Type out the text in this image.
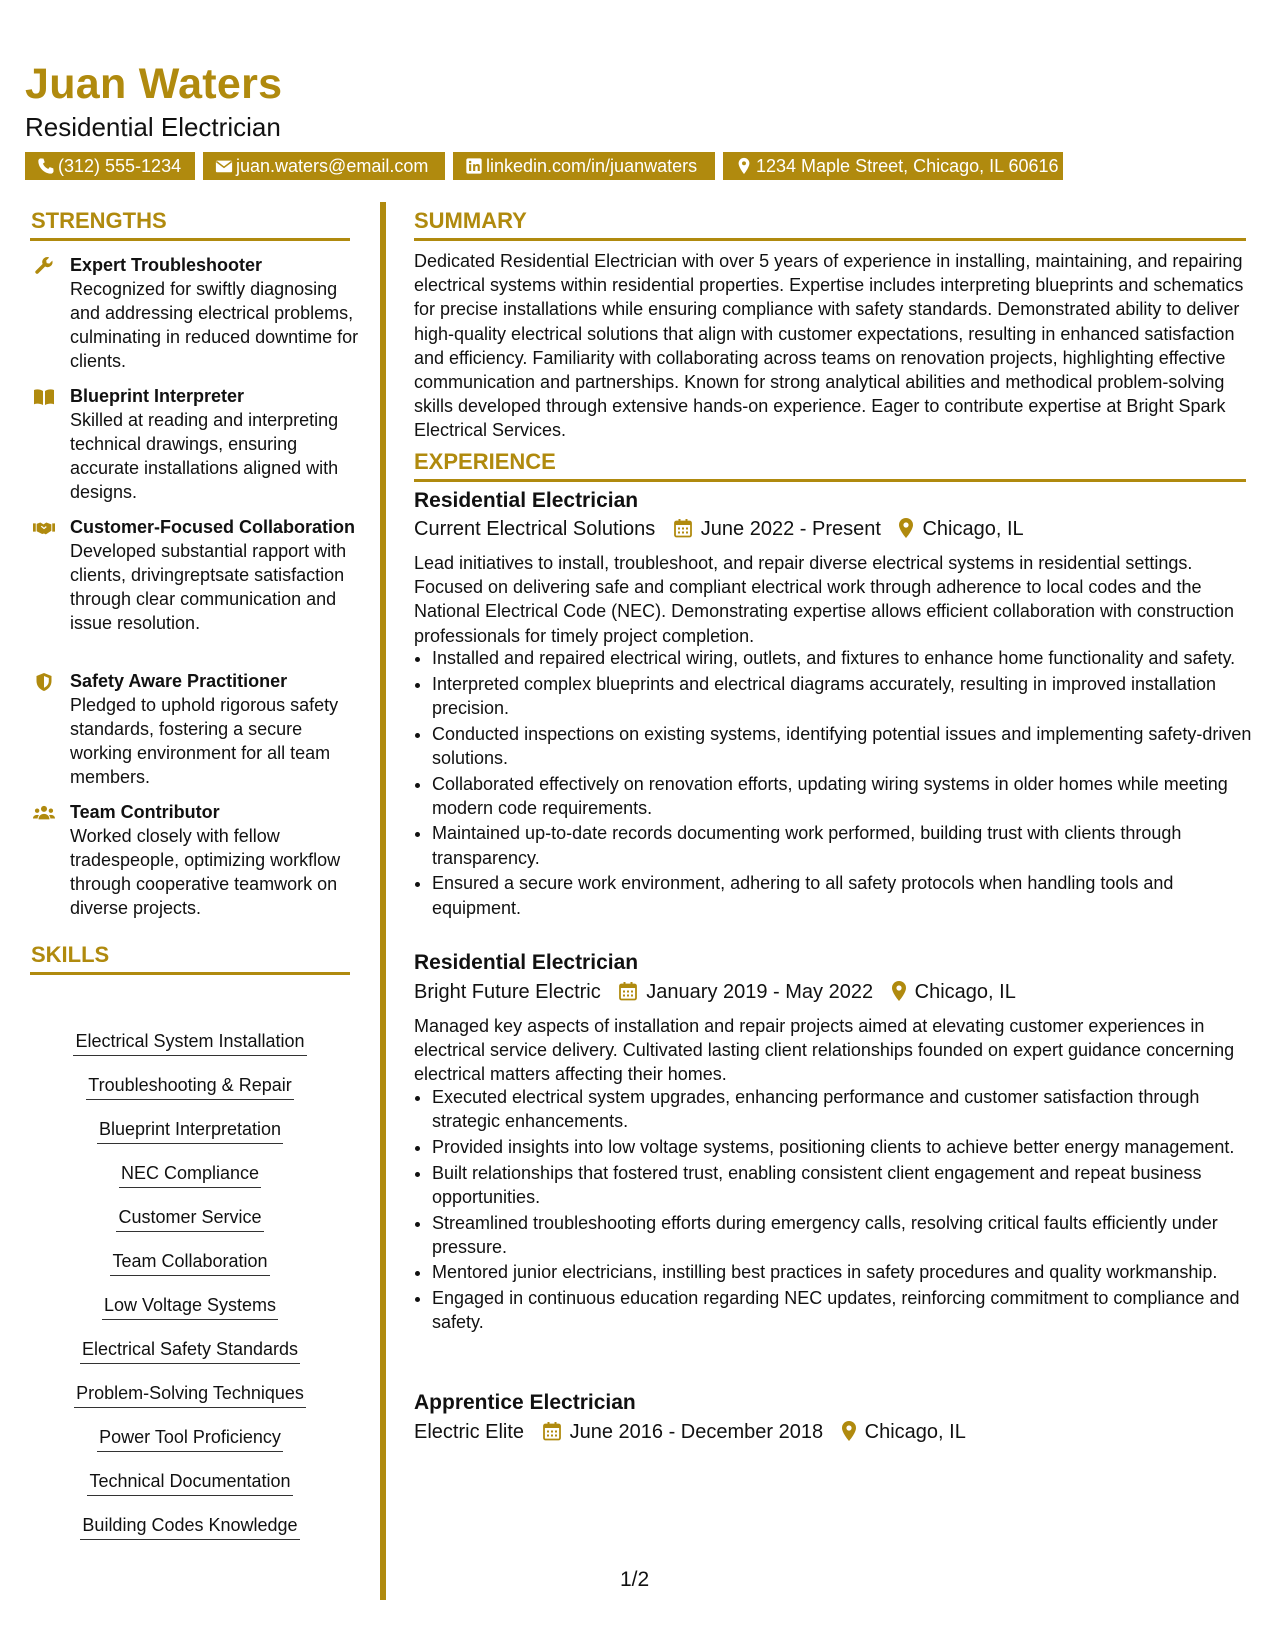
Juan Waters
Residential Electrician
(312) 555-1234	juan.waters@email.com	linkedin.com/in/juanwaters	1234 Maple Street, Chicago, IL 60616
STRENGTHS
Expert Troubleshooter
Recognized for swiftly diagnosing and addressing electrical problems, culminating in reduced downtime for clients.
Blueprint Interpreter
Skilled at reading and interpreting technical drawings, ensuring accurate installations aligned with designs.
Customer-Focused Collaboration
Developed substantial rapport with clients, drivingreptsate satisfaction through clear communication and issue resolution.
Safety Aware Practitioner
Pledged to uphold rigorous safety standards, fostering a secure working environment for all team members.
Team Contributor
Worked closely with fellow tradespeople, optimizing workflow through cooperative teamwork on diverse projects.
SKILLS
Electrical System Installation
Troubleshooting & Repair
Blueprint Interpretation
NEC Compliance
Customer Service
Team Collaboration
Low Voltage Systems
Electrical Safety Standards
Problem-Solving Techniques
Power Tool Proficiency
Technical Documentation
Building Codes Knowledge
SUMMARY
Dedicated Residential Electrician with over 5 years of experience in installing, maintaining, and repairing electrical systems within residential properties. Expertise includes interpreting blueprints and schematics for precise installations while ensuring compliance with safety standards. Demonstrated ability to deliver high-quality electrical solutions that align with customer expectations, resulting in enhanced satisfaction and efficiency. Familiarity with collaborating across teams on renovation projects, highlighting effective communication and partnerships. Known for strong analytical abilities and methodical problem-solving skills developed through extensive hands-on experience. Eager to contribute expertise at Bright Spark Electrical Services.
EXPERIENCE
Residential Electrician
Current Electrical Solutions June 2022 - Present Chicago, IL
Lead initiatives to install, troubleshoot, and repair diverse electrical systems in residential settings. Focused on delivering safe and compliant electrical work through adherence to local codes and the National Electrical Code (NEC). Demonstrating expertise allows efficient collaboration with construction professionals for timely project completion.
• Installed and repaired electrical wiring, outlets, and fixtures to enhance home functionality and safety.
• Interpreted complex blueprints and electrical diagrams accurately, resulting in improved installation precision.
• Conducted inspections on existing systems, identifying potential issues and implementing safety-driven solutions.
• Collaborated effectively on renovation efforts, updating wiring systems in older homes while meeting modern code requirements.
• Maintained up-to-date records documenting work performed, building trust with clients through transparency.
• Ensured a secure work environment, adhering to all safety protocols when handling tools and equipment.
Residential Electrician
Bright Future Electric January 2019 - May 2022 Chicago, IL
Managed key aspects of installation and repair projects aimed at elevating customer experiences in electrical service delivery. Cultivated lasting client relationships founded on expert guidance concerning electrical matters affecting their homes.
• Executed electrical system upgrades, enhancing performance and customer satisfaction through strategic enhancements.
• Provided insights into low voltage systems, positioning clients to achieve better energy management.
• Built relationships that fostered trust, enabling consistent client engagement and repeat business opportunities.
• Streamlined troubleshooting efforts during emergency calls, resolving critical faults efficiently under pressure.
• Mentored junior electricians, instilling best practices in safety procedures and quality workmanship.
• Engaged in continuous education regarding NEC updates, reinforcing commitment to compliance and safety.
Apprentice Electrician
Electric Elite June 2016 - December 2018 Chicago, IL
1/2
